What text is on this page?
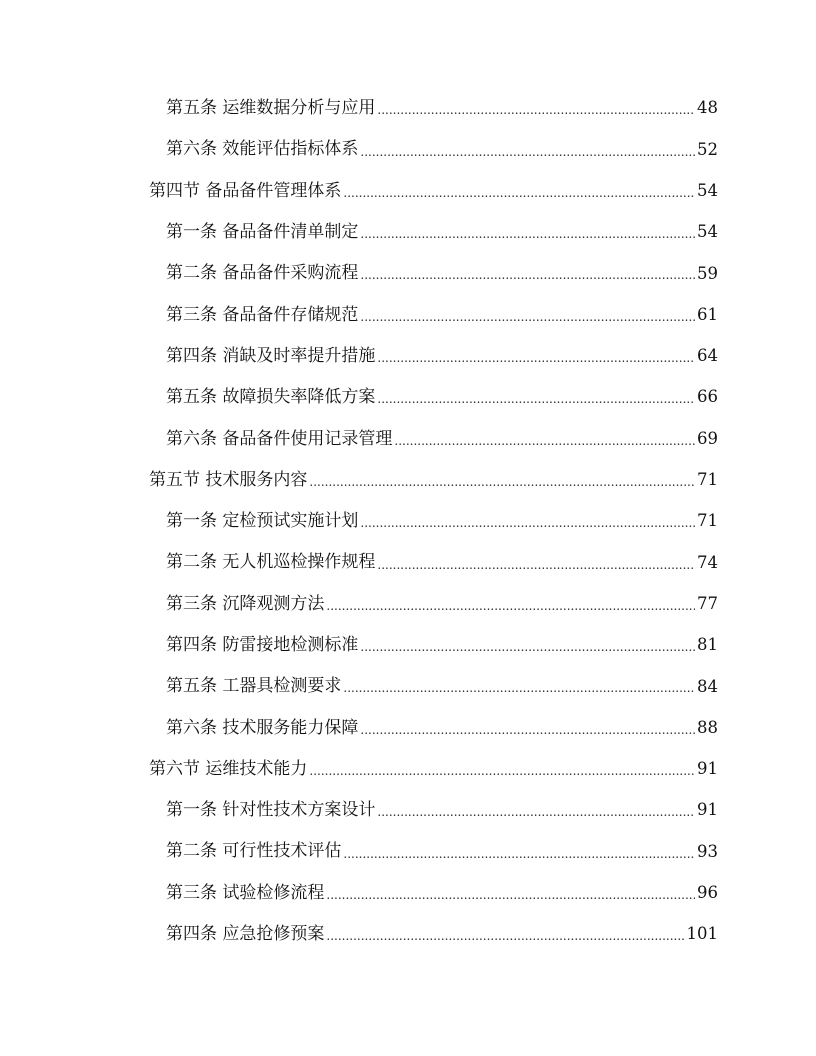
第五条 运维数据分析与应用 .....	48
第六条 效能评估指标体系 .....	52
第四节 备品备件管理体系 .....	54
第一条 备品备件清单制定 .....	54
第二条 备品备件采购流程 .....	59
第三条 备品备件存储规范 .....	61
第四条 消缺及时率提升措施 .....	64
第五条 故障损失率降低方案 .....	66
第六条 备品备件使用记录管理 .....	69
第五节 技术服务内容 .....	71
第一条 定检预试实施计划 .....	71
第二条 无人机巡检操作规程 .....	74
第三条 沉降观测方法 .....	77
第四条 防雷接地检测标准 .....	81
第五条 工器具检测要求 .....	84
第六条 技术服务能力保障 .....	88
第六节 运维技术能力 .....	91
第一条 针对性技术方案设计 .....	91
第二条 可行性技术评估 .....	93
第三条 试验检修流程 .....	96
第四条 应急抢修预案 .....	101
